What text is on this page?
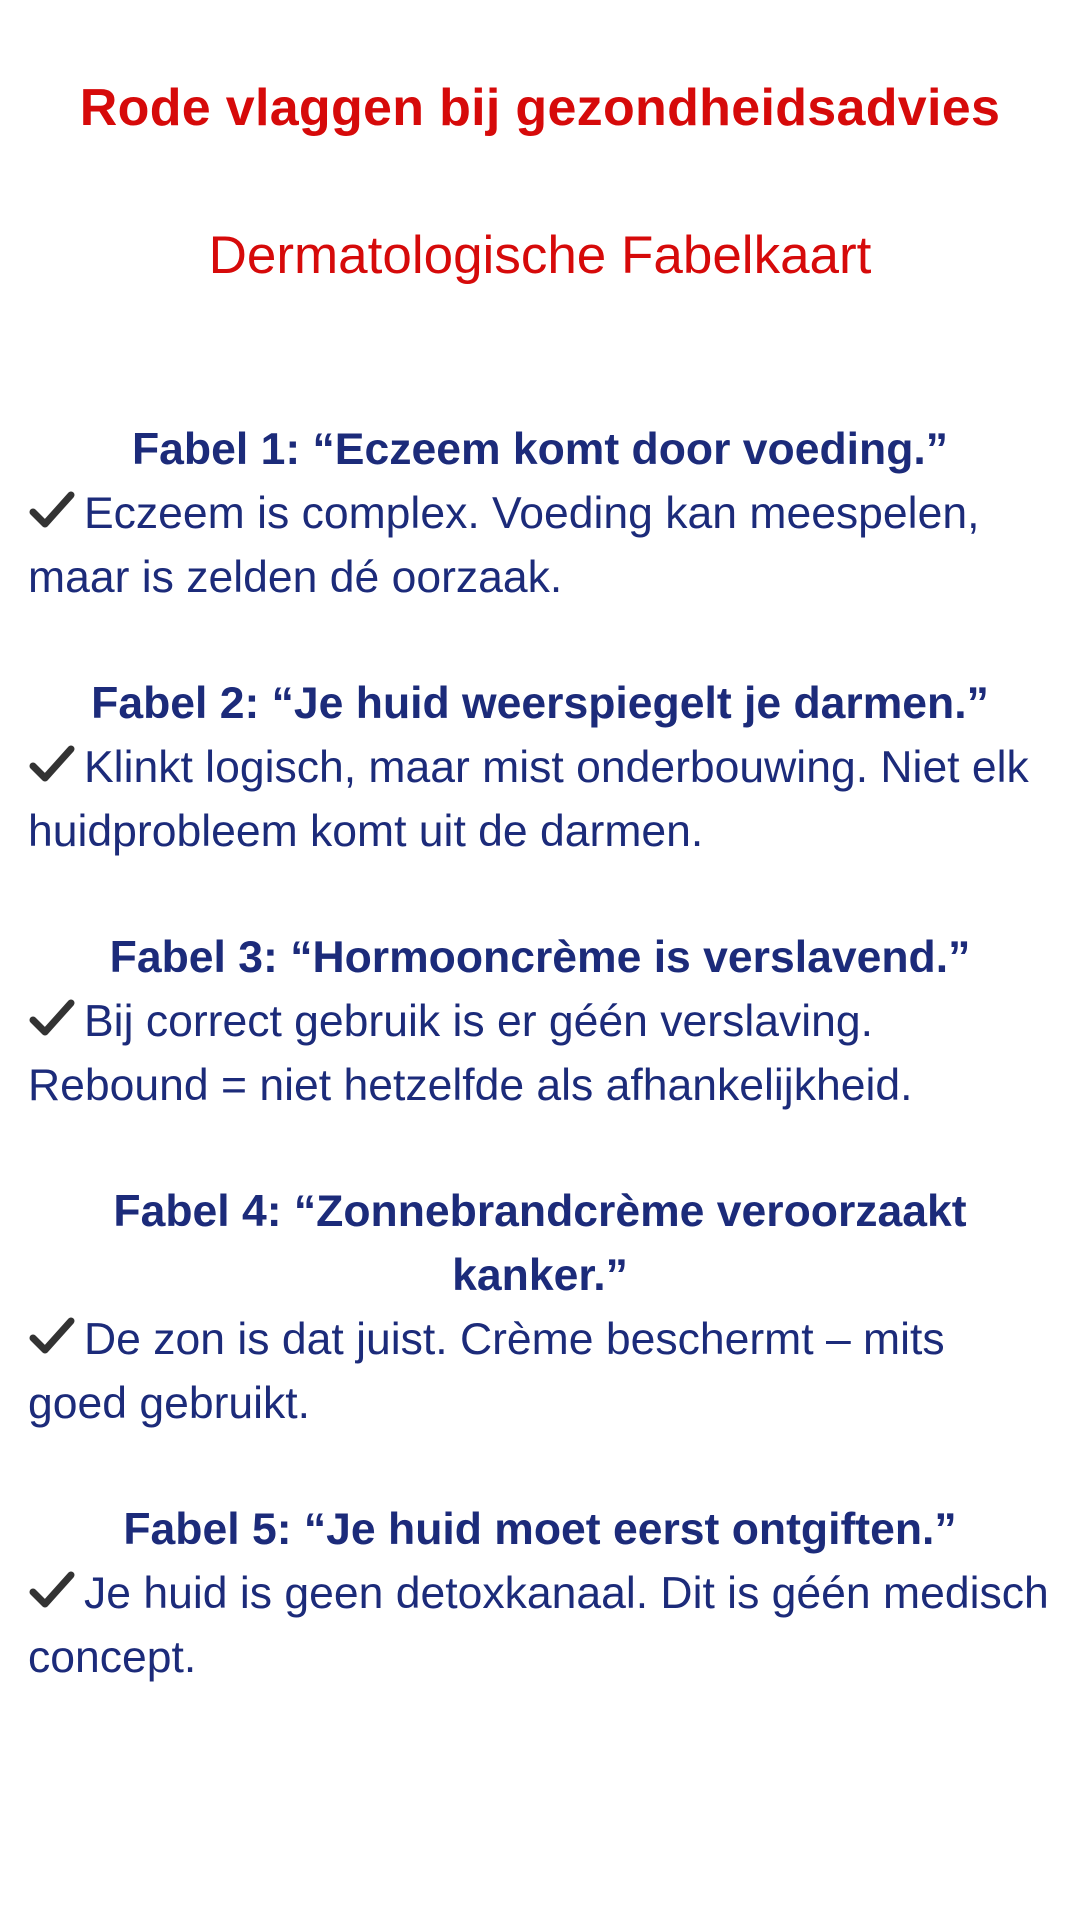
Rode vlaggen bij gezondheidsadvies
Dermatologische Fabelkaart

Fabel 1: “Eczeem komt door voeding.”

Eczeem is complex. Voeding kan meespelen, maar is zelden dé oorzaak.

Fabel 2: “Je huid weerspiegelt je darmen.”

Klinkt logisch, maar mist onderbouwing. Niet elk huidprobleem komt uit de darmen.

Fabel 3: “Hormooncrème is verslavend.”

Bij correct gebruik is er géén verslaving. Rebound = niet hetzelfde als afhankelijkheid.

Fabel 4: “Zonnebrandcrème veroorzaakt kanker.”

De zon is dat juist. Crème beschermt – mits goed gebruikt.

Fabel 5: “Je huid moet eerst ontgiften.”

Je huid is geen detoxkanaal. Dit is géén medisch concept.
